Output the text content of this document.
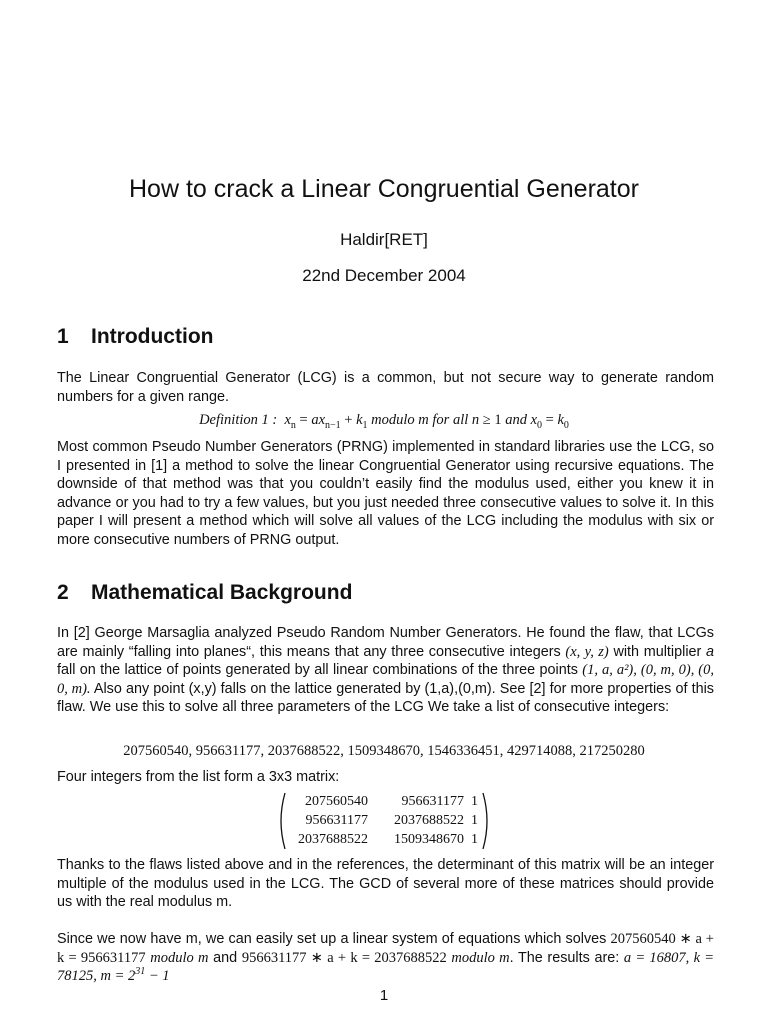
How to crack a Linear Congruential Generator
Haldir[RET]
22nd December 2004
1 Introduction

The Linear Congruential Generator (LCG) is a common, but not secure way to generate random numbers for a given range.

Definition 1 : $x_n = ax_{n-1} + k_1$ modulo m for all n ≥ 1 and $x_0 = k_0$

Most common Pseudo Number Generators (PRNG) implemented in standard libraries use the LCG, so I presented in [1] a method to solve the linear Congruential Generator using recursive equations. The downside of that method was that you couldn’t easily find the modulus used, either you knew it in advance or you had to try a few values, but you just needed three consecutive values to solve it. In this paper I will present a method which will solve all values of the LCG including the modulus with six or more consecutive numbers of PRNG output.

2 Mathematical Background

In [2] George Marsaglia analyzed Pseudo Random Number Generators. He found the flaw, that LCGs are mainly “falling into planes“, this means that any three consecutive integers (x, y, z) with multiplier a fall on the lattice of points generated by all linear combinations of the three points (1, a, a²), (0, m, 0), (0, 0, m). Also any point (x,y) falls on the lattice generated by (1,a),(0,m). See [2] for more properties of this flaw. We use this to solve all three parameters of the LCG We take a list of consecutive integers:

207560540, 956631177, 2037688522, 1509348670, 1546336451, 429714088, 217250280

Four integers from the list form a 3x3 matrix:

207560540	956631177 1
956631177	2037688522 1
2037688522	1509348670 1

Thanks to the flaws listed above and in the references, the determinant of this matrix will be an integer multiple of the modulus used in the LCG. The GCD of several more of these matrices should provide us with the real modulus m.

Since we now have m, we can easily set up a linear system of equations which solves 207560540 ∗ a + k = 956631177 modulo m and 956631177 ∗ a + k = 2037688522 modulo m. The results are: a = 16807, k = 78125, $m = 2^{31} - 1$

1
